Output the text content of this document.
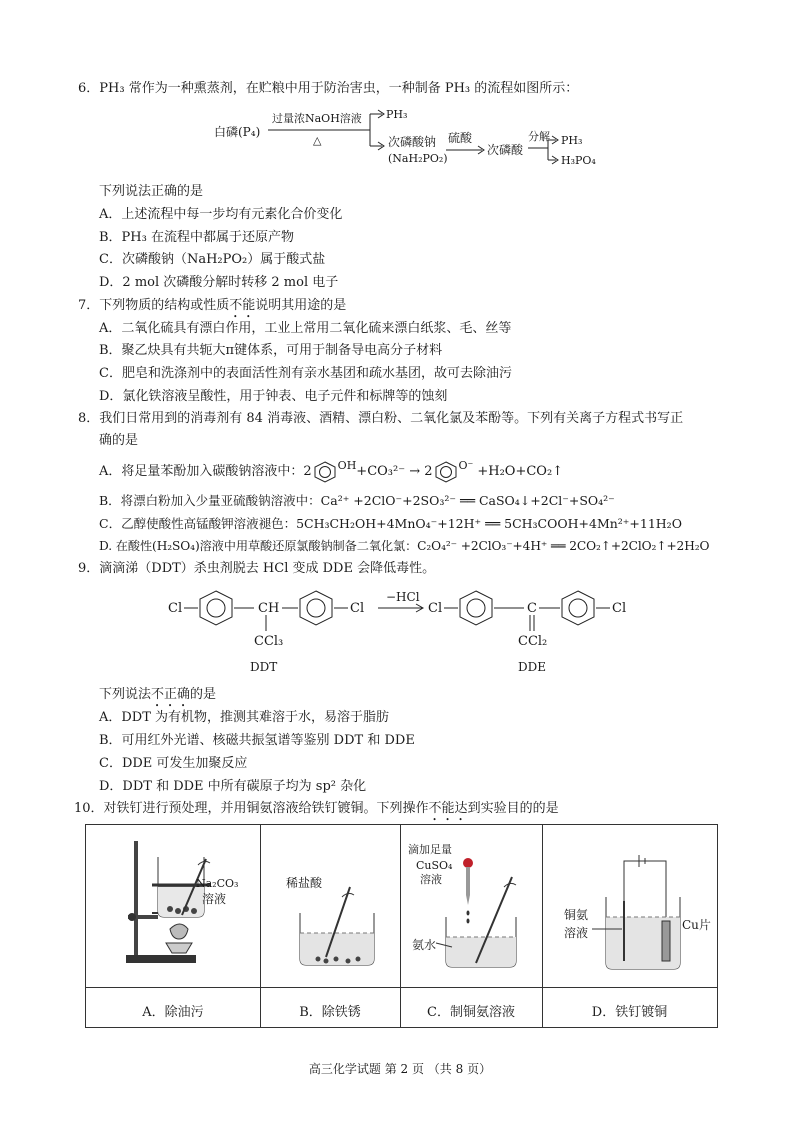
6．PH₃ 常作为一种熏蒸剂，在贮粮中用于防治害虫，一种制备 PH₃ 的流程如图所示：
白磷(P₄)
过量浓NaOH溶液
△
PH₃
次磷酸钠
(NaH₂PO₂)
硫酸
次磷酸
分解 PH₃
H₃PO₄
下列说法正确的是
A．上述流程中每一步均有元素化合价变化
B．PH₃ 在流程中都属于还原产物
C．次磷酸钠（NaH₂PO₂）属于酸式盐
D．2 mol 次磷酸分解时转移 2 mol 电子
7．下列物质的结构或性质不能说明其用途的是
A．二氧化硫具有漂白作用，工业上常用二氧化硫来漂白纸浆、毛、丝等
B．聚乙炔具有共轭大π键体系，可用于制备导电高分子材料
C．肥皂和洗涤剂中的表面活性剂有亲水基团和疏水基团，故可去除油污
D．氯化铁溶液呈酸性，用于钟表、电子元件和标牌等的蚀刻
8．我们日常用到的消毒剂有 84 消毒液、酒精、漂白粉、二氧化氯及苯酚等。下列有关离子方程式书写正
确的是
A．将足量苯酚加入碳酸钠溶液中：2 OH +CO₃²⁻ → 2 O⁻ +H₂O+CO₂↑
B．将漂白粉加入少量亚硫酸钠溶液中：Ca²⁺ +2ClO⁻+2SO₃²⁻ ══ CaSO₄↓+2Cl⁻+SO₄²⁻
C．乙醇使酸性高锰酸钾溶液褪色：5CH₃CH₂OH+4MnO₄⁻+12H⁺ ══ 5CH₃COOH+4Mn²⁺+11H₂O
D. 在酸性(H₂SO₄)溶液中用草酸还原氯酸钠制备二氧化氯：C₂O₄²⁻ +2ClO₃⁻+4H⁺ ══ 2CO₂↑+2ClO₂↑+2H₂O
9．滴滴涕（DDT）杀虫剂脱去 HCl 变成 DDE 会降低毒性。
Cl	CH	Cl
CCl₃
DDT
−HCl
Cl	C	Cl
CCl₂
DDE
下列说法不正确的是
A．DDT 为有机物，推测其难溶于水，易溶于脂肪
B．可用红外光谱、核磁共振氢谱等鉴别 DDT 和 DDE
C．DDE 可发生加聚反应
D．DDT 和 DDE 中所有碳原子均为 sp² 杂化
10．对铁钉进行预处理，并用铜氨溶液给铁钉镀铜。下列操作不能达到实验目的的是
Na₂CO₃
溶液
A．除油污
稀盐酸
B．除铁锈
滴加足量
CuSO₄
溶液
氨水
C．制铜氨溶液
铜氨
溶液
Cu片
D．铁钉镀铜
高三化学试题 第 2 页 （共 8 页）
